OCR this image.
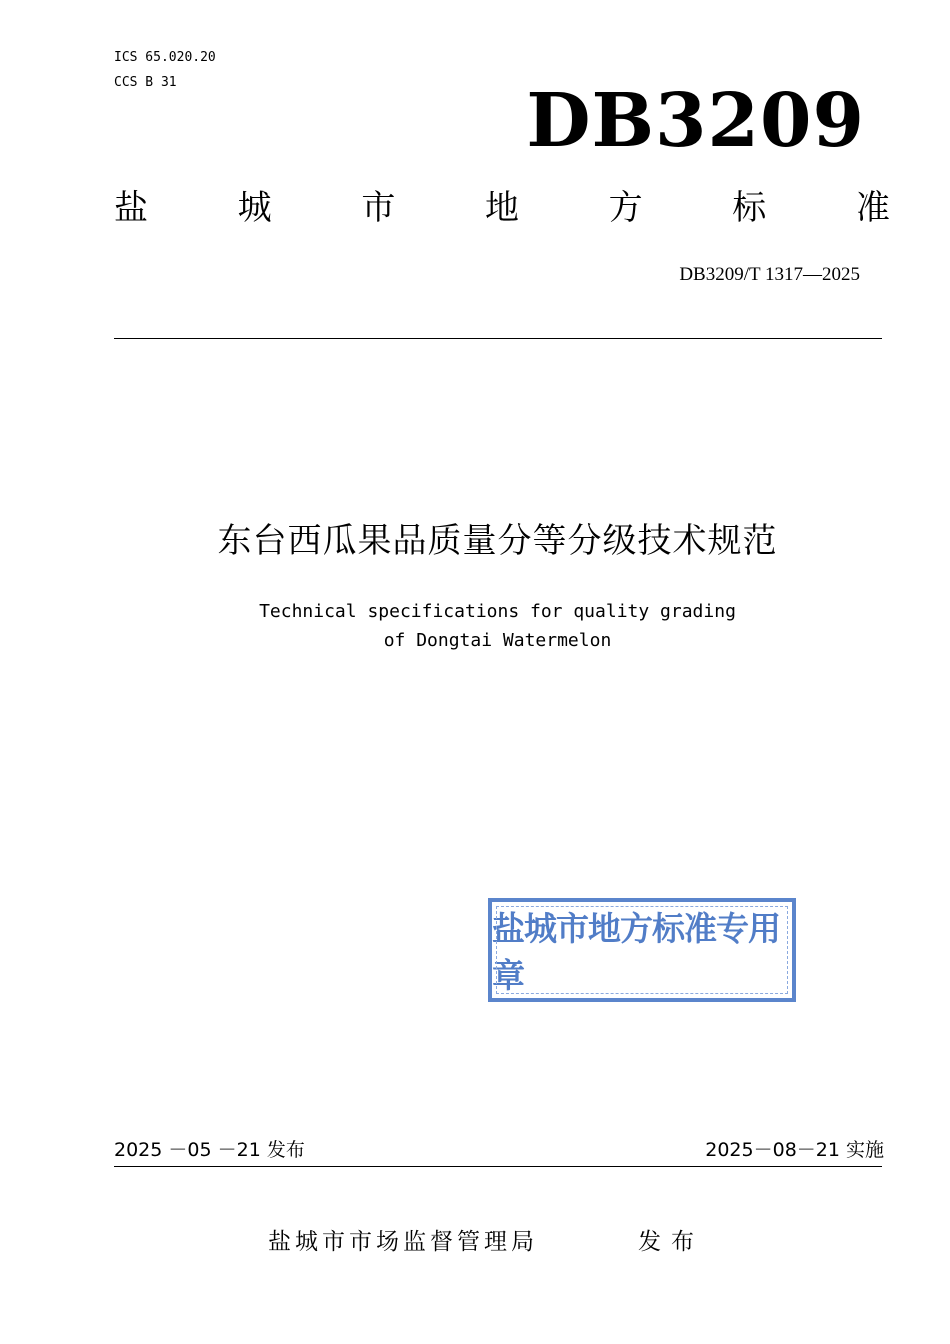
ICS 65.020.20
CCS B 31	DB3209
盐	城	市	地	方	标	准
DB3209/T 1317—2025
东台西瓜果品质量分等分级技术规范
Technical specifications for quality grading
of Dongtai Watermelon
盐城市地方标准专用章
2025 －05 －21 发布	2025－08－21 实施
盐城市市场监督管理局	发布
